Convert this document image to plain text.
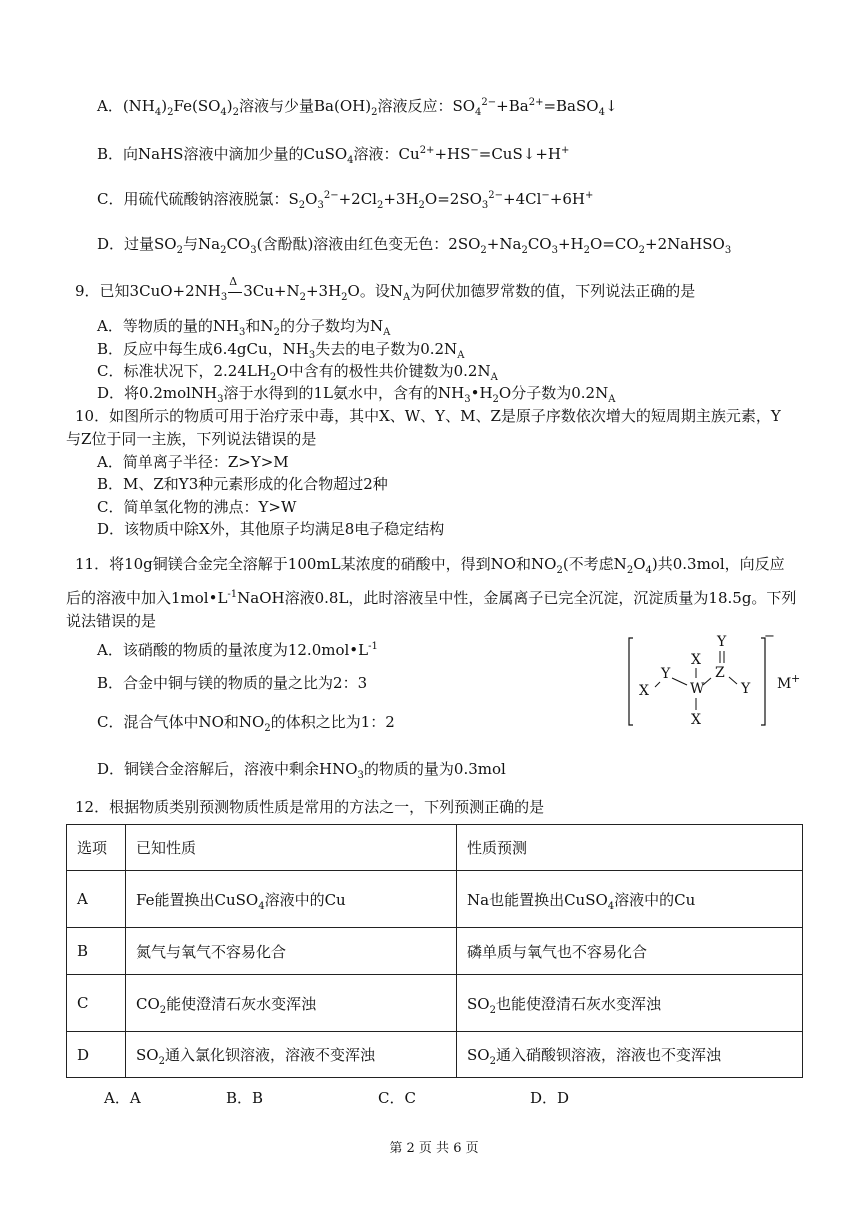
A．$(NH_4)_2Fe(SO_4)_2$溶液与少量$Ba(OH)_2$溶液反应：$SO_4^{2-}+Ba^{2+}=BaSO_4↓$
B．向NaHS溶液中滴加少量的CuSO$_4$溶液：$Cu^{2+}+HS^-=CuS↓+H^+$
C．用硫代硫酸钠溶液脱氯：$S_2O_3^{2-}+2Cl_2+3H_2O=2SO_3^{2-}+4Cl^-+6H^+$
D．过量$SO_2$与$Na_2CO_3$(含酚酞)溶液由红色变无色：$2SO_2+Na_2CO_3+H_2O=CO_2+2NaHSO_3$
9．已知$3CuO+2NH_3$
Δ
$3Cu+N_2+3H_2O$。设$N_A$为阿伏加德罗常数的值，下列说法正确的是
A．等物质的量的$NH_3$和$N_2$的分子数均为$N_A$
B．反应中每生成6.4gCu，$NH_3$失去的电子数为$0.2N_A$
C．标准状况下，$2.24LH_2O$中含有的极性共价键数为$0.2N_A$
D．将0.2molNH$_3$溶于水得到的1L氨水中，含有的$NH_3•H_2O$分子数为$0.2N_A$
10．如图所示的物质可用于治疗汞中毒，其中X、W、Y、M、Z是原子序数依次增大的短周期主族元素，Y
与Z位于同一主族，下列说法错误的是
A．简单离子半径：Z>Y>M
B．M、Z和Y3种元素形成的化合物超过2种
C．简单氢化物的沸点：Y>W
D．该物质中除X外，其他原子均满足8电子稳定结构
11．将10g铜镁合金完全溶解于100mL某浓度的硝酸中，得到NO和$NO_2$(不考虑$N_2O_4$)共0.3mol，向反应
后的溶液中加入$1mol•L^{-1}NaOH$溶液0.8L，此时溶液呈中性，金属离子已完全沉淀，沉淀质量为18.5g。下列
说法错误的是
A．该硝酸的物质的量浓度为$12.0mol•L^{-1}$
B．合金中铜与镁的物质的量之比为2：3
C．混合气体中NO和$NO_2$的体积之比为1：2
D．铜镁合金溶解后，溶液中剩余$HNO_3$的物质的量为0.3mol
X
Y
X
W
Z
Y
Y
X
−
M +
12．根据物质类别预测物质性质是常用的方法之一，下列预测正确的是
选项	已知性质	性质预测
A	Fe能置换出CuSO$_4$溶液中的Cu	Na也能置换出CuSO$_4$溶液中的Cu
B	氮气与氧气不容易化合	磷单质与氧气也不容易化合
C	$CO_2$能使澄清石灰水变浑浊	$SO_2$也能使澄清石灰水变浑浊
D	$SO_2$通入氯化钡溶液，溶液不变浑浊	$SO_2$通入硝酸钡溶液，溶液也不变浑浊
A．A	B．B	C．C	D．D
第 2 页 共 6 页
